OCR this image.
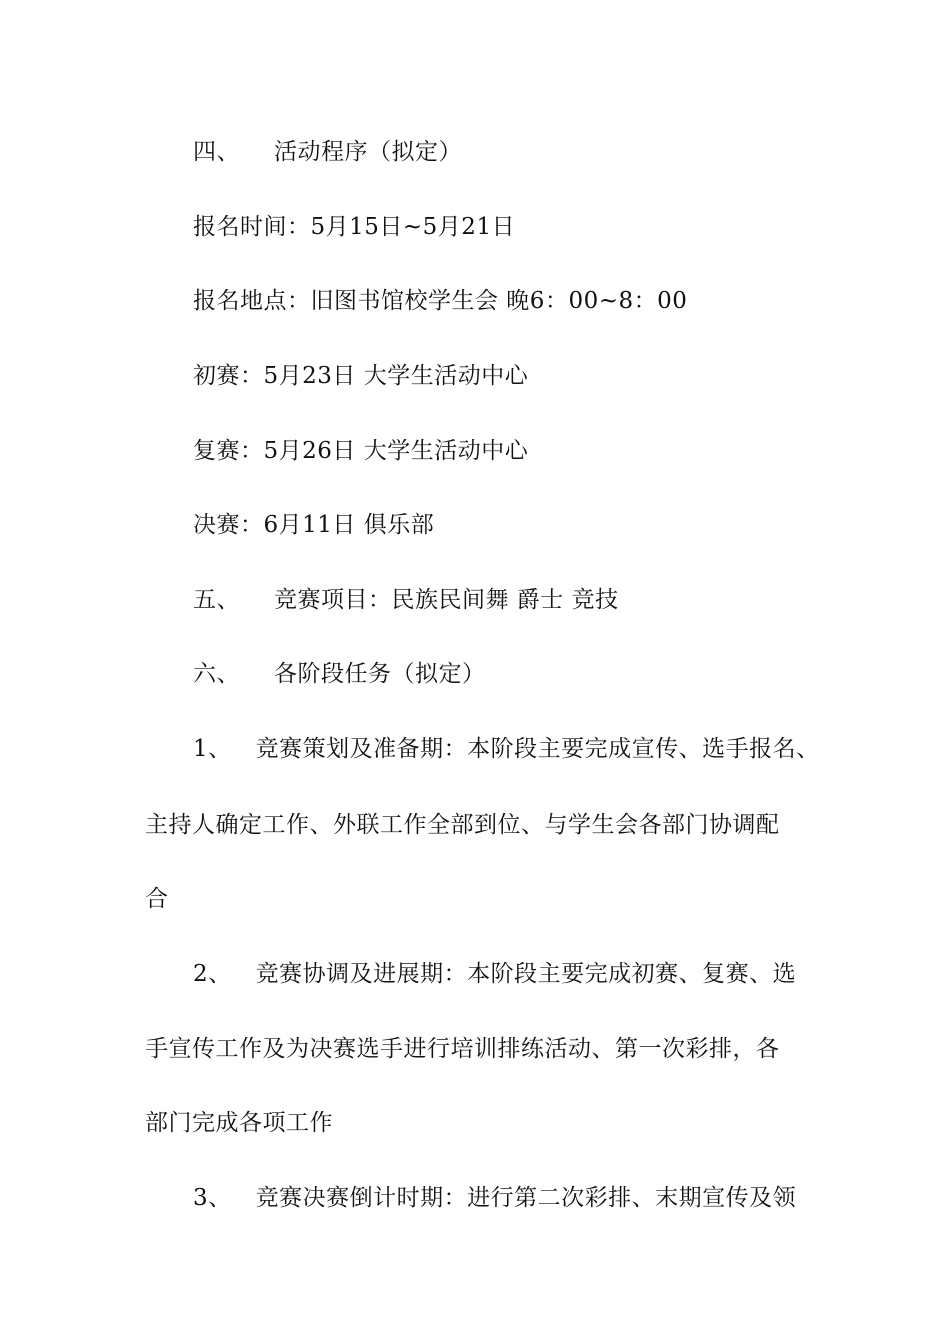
四、 活动程序（拟定）
报名时间：5月15日~5月21日
报名地点：旧图书馆校学生会 晚6：00~8：00
初赛：5月23日 大学生活动中心
复赛：5月26日 大学生活动中心
决赛：6月11日 俱乐部
五、 竞赛项目：民族民间舞 爵士 竞技
六、 各阶段任务（拟定）
1、 竞赛策划及准备期：本阶段主要完成宣传、选手报名、
主持人确定工作、外联工作全部到位、与学生会各部门协调配
合
2、 竞赛协调及进展期：本阶段主要完成初赛、复赛、选
手宣传工作及为决赛选手进行培训排练活动、第一次彩排，各
部门完成各项工作
3、 竞赛决赛倒计时期：进行第二次彩排、末期宣传及领
